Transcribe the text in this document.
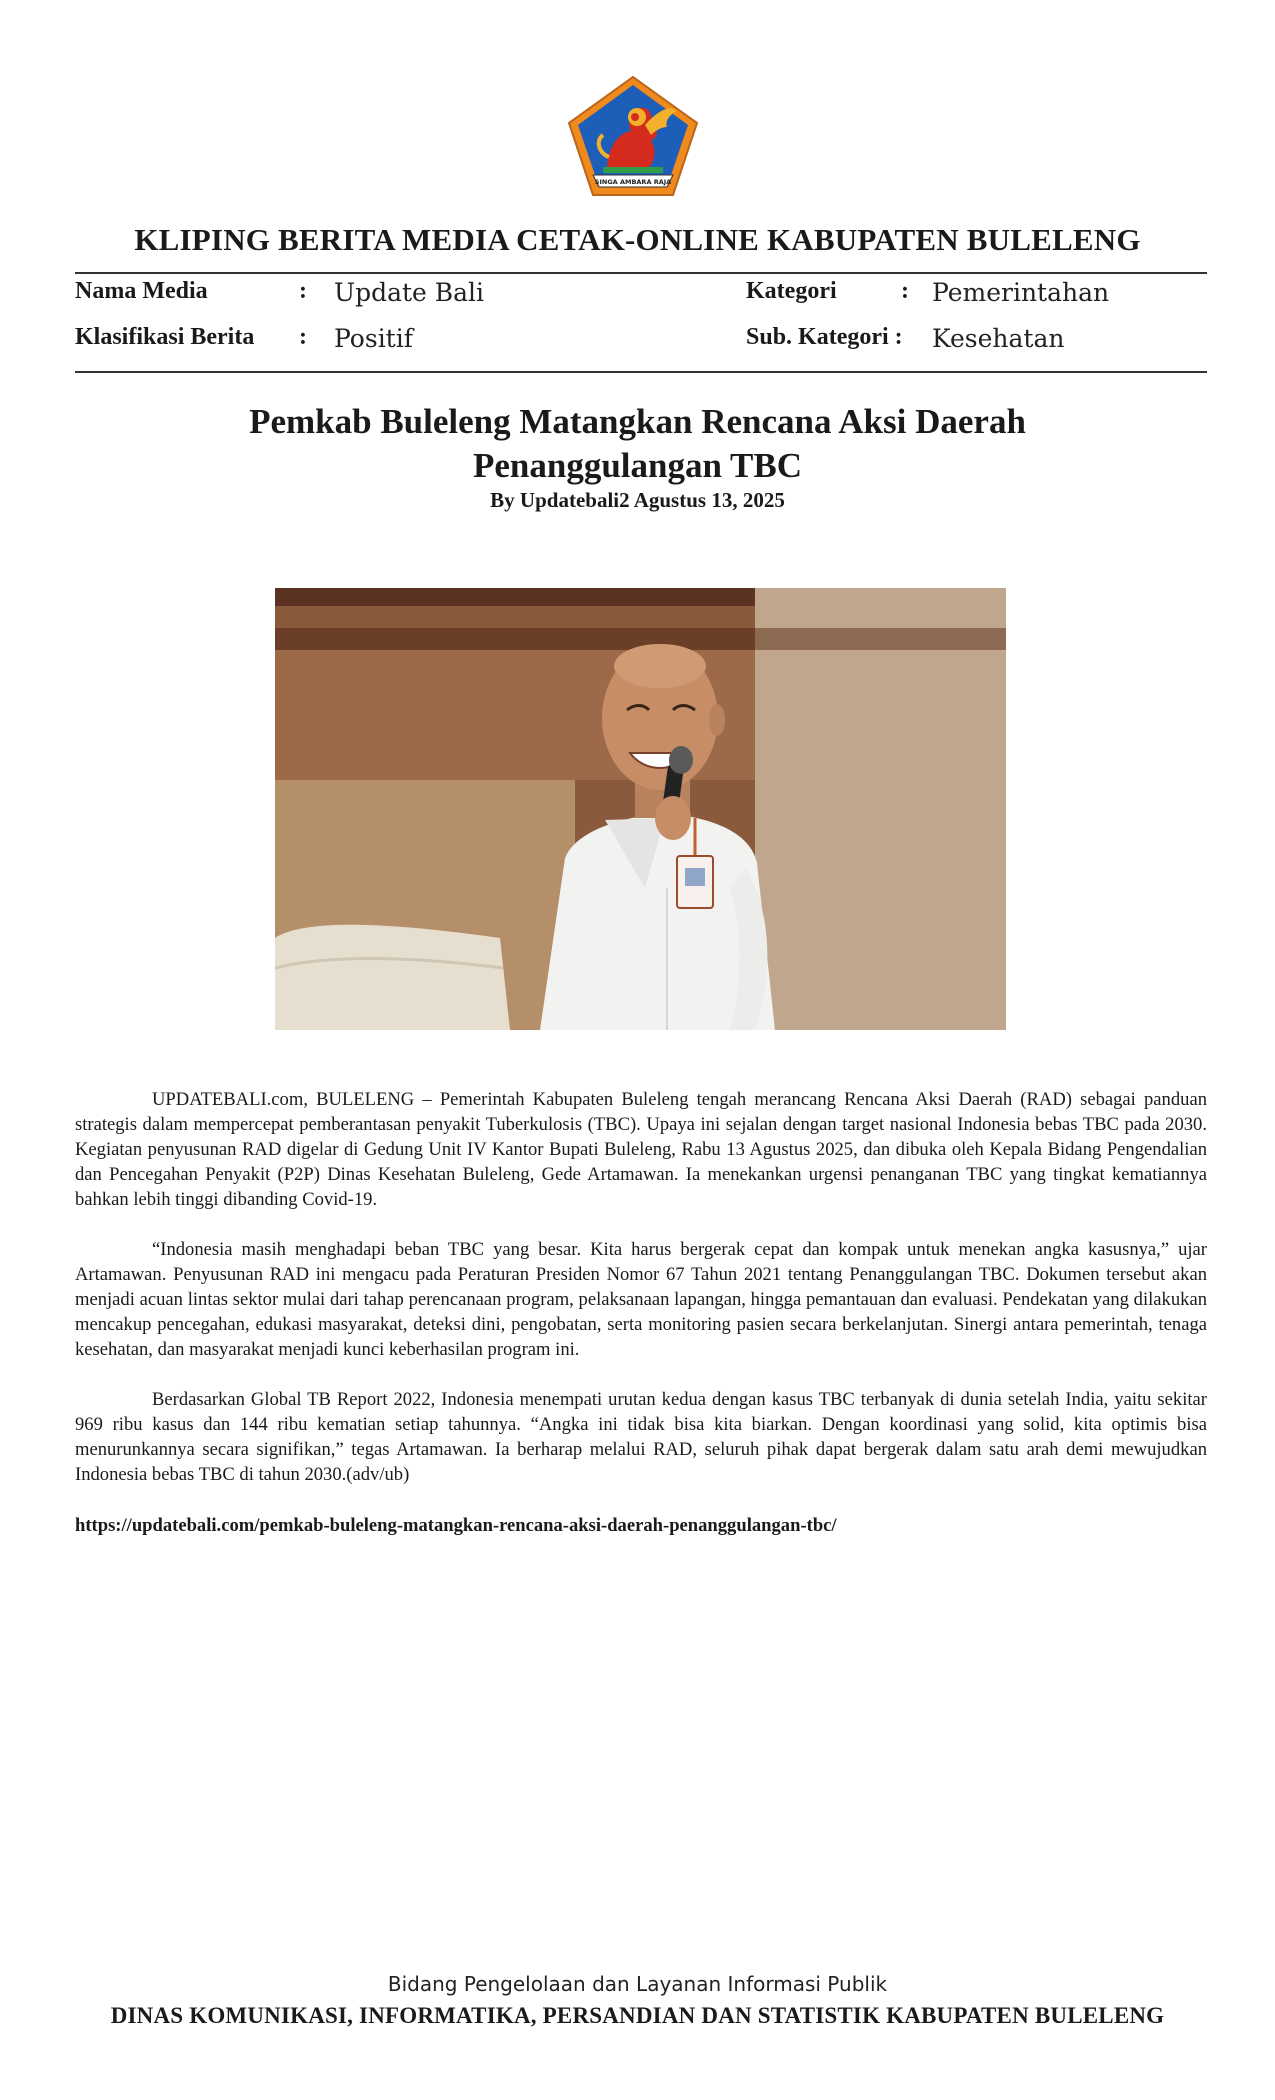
SINGA AMBARA RAJA
KLIPING BERITA MEDIA CETAK-ONLINE KABUPATEN BULELENG
Nama Media	: Update Bali	Kategori	: Pemerintahan
Klasifikasi Berita : Positif	Sub. Kategori : Kesehatan
Pemkab Buleleng Matangkan Rencana Aksi Daerah
Penanggulangan TBC
By Updatebali2 Agustus 13, 2025

UPDATEBALI.com, BULELENG – Pemerintah Kabupaten Buleleng tengah merancang Rencana Aksi Daerah (RAD) sebagai panduan strategis dalam mempercepat pemberantasan penyakit Tuberkulosis (TBC). Upaya ini sejalan dengan target nasional Indonesia bebas TBC pada 2030. Kegiatan penyusunan RAD digelar di Gedung Unit IV Kantor Bupati Buleleng, Rabu 13 Agustus 2025, dan dibuka oleh Kepala Bidang Pengendalian dan Pencegahan Penyakit (P2P) Dinas Kesehatan Buleleng, Gede Artamawan. Ia menekankan urgensi penanganan TBC yang tingkat kematiannya bahkan lebih tinggi dibanding Covid-19.

“Indonesia masih menghadapi beban TBC yang besar. Kita harus bergerak cepat dan kompak untuk menekan angka kasusnya,” ujar Artamawan. Penyusunan RAD ini mengacu pada Peraturan Presiden Nomor 67 Tahun 2021 tentang Penanggulangan TBC. Dokumen tersebut akan menjadi acuan lintas sektor mulai dari tahap perencanaan program, pelaksanaan lapangan, hingga pemantauan dan evaluasi. Pendekatan yang dilakukan mencakup pencegahan, edukasi masyarakat, deteksi dini, pengobatan, serta monitoring pasien secara berkelanjutan. Sinergi antara pemerintah, tenaga kesehatan, dan masyarakat menjadi kunci keberhasilan program ini.

Berdasarkan Global TB Report 2022, Indonesia menempati urutan kedua dengan kasus TBC terbanyak di dunia setelah India, yaitu sekitar 969 ribu kasus dan 144 ribu kematian setiap tahunnya. “Angka ini tidak bisa kita biarkan. Dengan koordinasi yang solid, kita optimis bisa menurunkannya secara signifikan,” tegas Artamawan. Ia berharap melalui RAD, seluruh pihak dapat bergerak dalam satu arah demi mewujudkan Indonesia bebas TBC di tahun 2030.(adv/ub)

https://updatebali.com/pemkab-buleleng-matangkan-rencana-aksi-daerah-penanggulangan-tbc/
Bidang Pengelolaan dan Layanan Informasi Publik
DINAS KOMUNIKASI, INFORMATIKA, PERSANDIAN DAN STATISTIK KABUPATEN BULELENG
